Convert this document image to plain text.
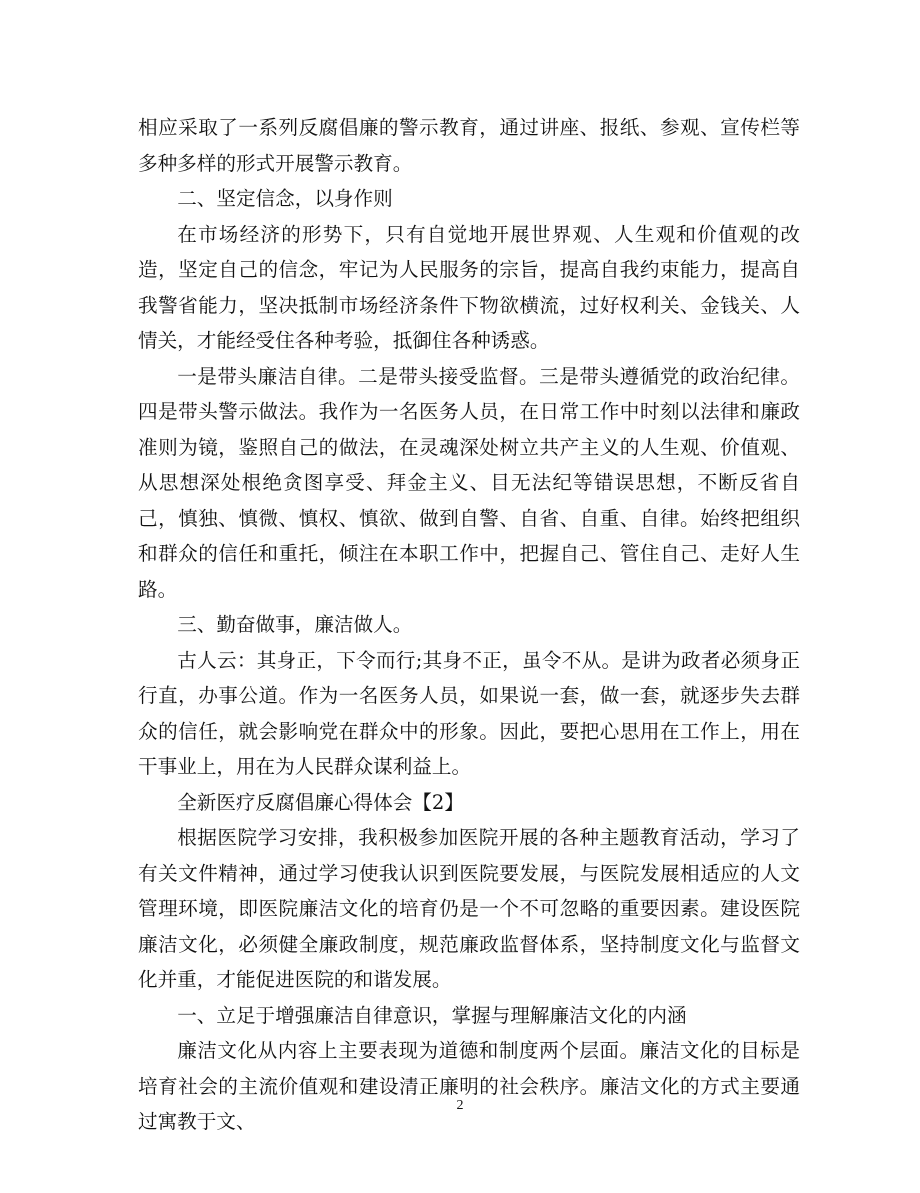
相应采取了一系列反腐倡廉的警示教育，通过讲座、报纸、参观、宣传栏等多种多样的形式开展警示教育。

二、坚定信念，以身作则

在市场经济的形势下，只有自觉地开展世界观、人生观和价值观的改造，坚定自己的信念，牢记为人民服务的宗旨，提高自我约束能力，提高自我警省能力，坚决抵制市场经济条件下物欲横流，过好权利关、金钱关、人情关，才能经受住各种考验，抵御住各种诱惑。

一是带头廉洁自律。二是带头接受监督。三是带头遵循党的政治纪律。四是带头警示做法。我作为一名医务人员，在日常工作中时刻以法律和廉政准则为镜，鉴照自己的做法，在灵魂深处树立共产主义的人生观、价值观、从思想深处根绝贪图享受、拜金主义、目无法纪等错误思想，不断反省自己，慎独、慎微、慎权、慎欲、做到自警、自省、自重、自律。始终把组织和群众的信任和重托，倾注在本职工作中，把握自己、管住自己、走好人生路。

三、勤奋做事，廉洁做人。

古人云：其身正，下令而行;其身不正，虽令不从。是讲为政者必须身正行直，办事公道。作为一名医务人员，如果说一套，做一套，就逐步失去群众的信任，就会影响党在群众中的形象。因此，要把心思用在工作上，用在干事业上，用在为人民群众谋利益上。

全新医疗反腐倡廉心得体会【2】

根据医院学习安排，我积极参加医院开展的各种主题教育活动，学习了有关文件精神，通过学习使我认识到医院要发展，与医院发展相适应的人文管理环境，即医院廉洁文化的培育仍是一个不可忽略的重要因素。建设医院廉洁文化，必须健全廉政制度，规范廉政监督体系，坚持制度文化与监督文化并重，才能促进医院的和谐发展。

一、立足于增强廉洁自律意识，掌握与理解廉洁文化的内涵

廉洁文化从内容上主要表现为道德和制度两个层面。廉洁文化的目标是培育社会的主流价值观和建设清正廉明的社会秩序。廉洁文化的方式主要通过寓教于文、

2
